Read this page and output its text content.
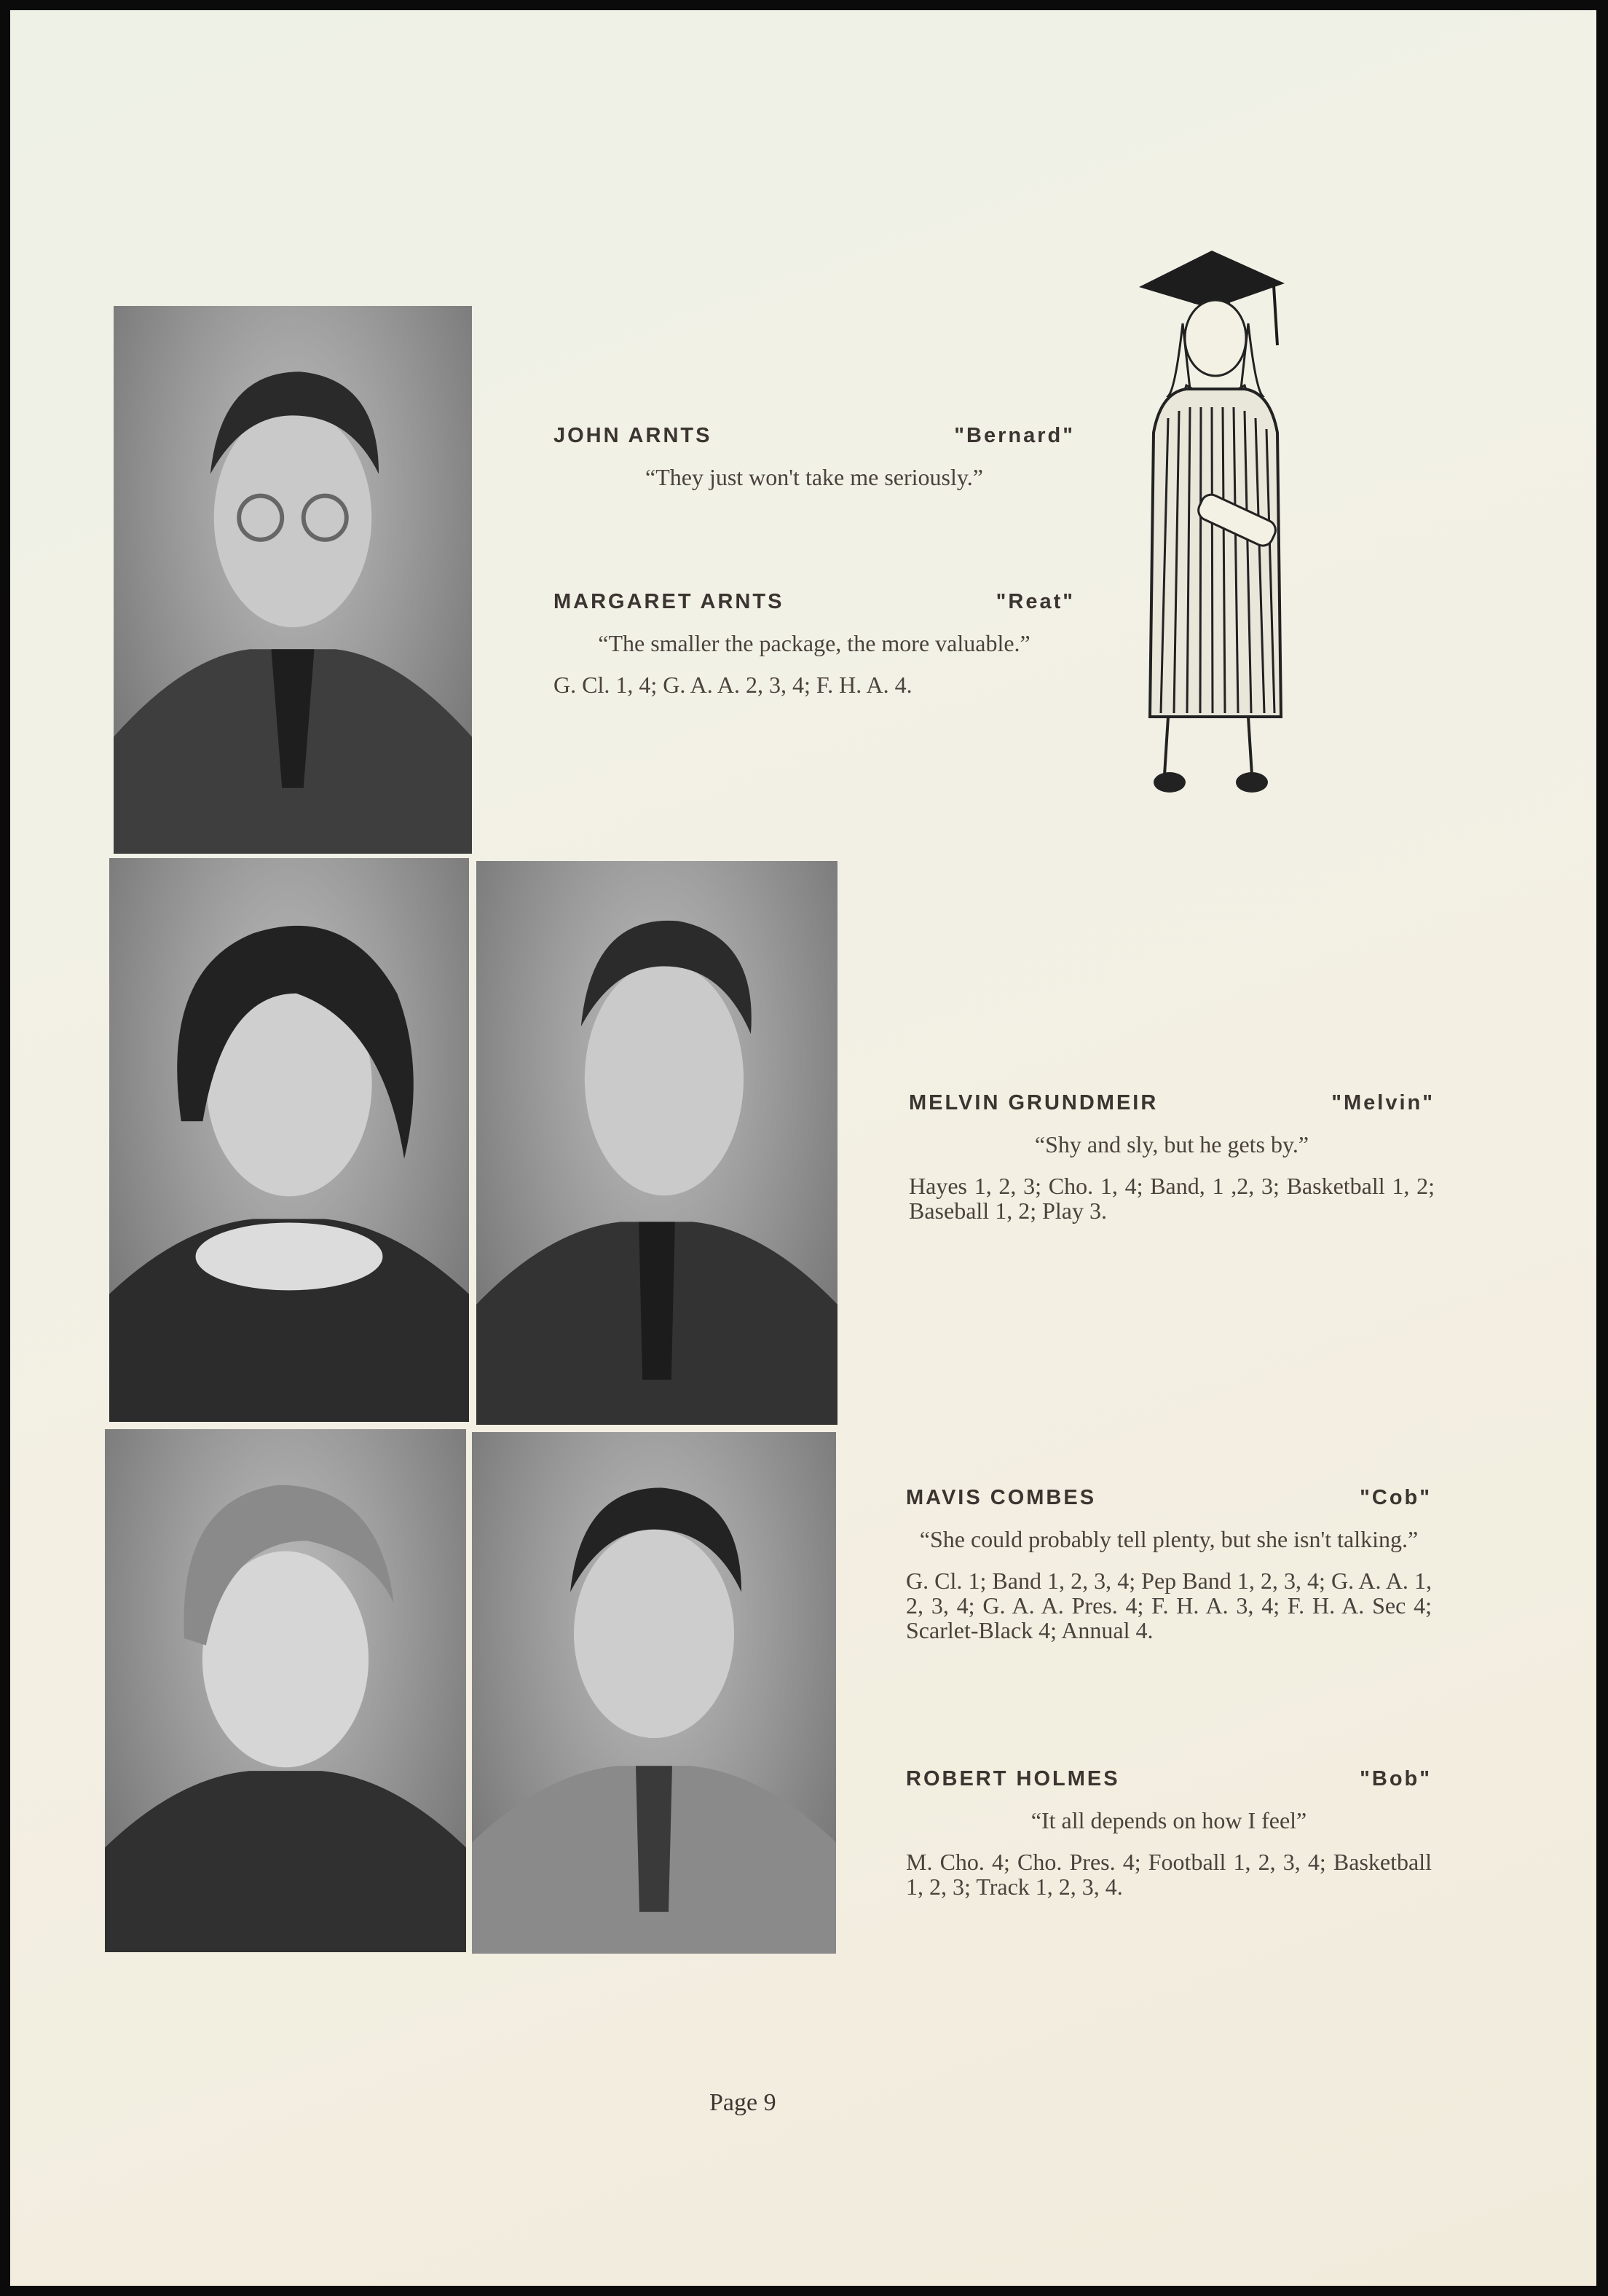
JOHN ARNTS	"Bernard"
“They just won't take me seriously.”
MARGARET ARNTS	"Reat"
“The smaller the package, the more valuable.”
G. Cl. 1, 4; G. A. A. 2, 3, 4; F. H. A. 4.
MELVIN GRUNDMEIR	"Melvin"
“Shy and sly, but he gets by.”
Hayes 1, 2, 3; Cho. 1, 4; Band, 1 ,2, 3; Basketball 1, 2; Baseball 1, 2; Play 3.
MAVIS COMBES	"Cob"
“She could probably tell plenty, but she isn't talking.”
G. Cl. 1; Band 1, 2, 3, 4; Pep Band 1, 2, 3, 4; G. A. A. 1, 2, 3, 4; G. A. A. Pres. 4; F. H. A. 3, 4; F. H. A. Sec 4; Scarlet-Black 4; Annual 4.
ROBERT HOLMES	"Bob"
“It all depends on how I feel”
M. Cho. 4; Cho. Pres. 4; Football 1, 2, 3, 4; Basketball 1, 2, 3; Track 1, 2, 3, 4.
Page 9
